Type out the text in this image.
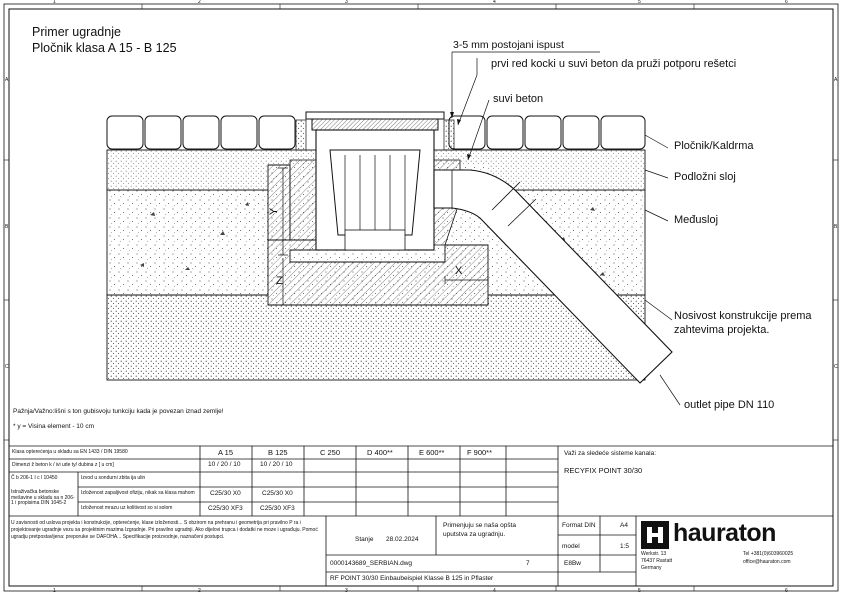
1	2	3	4	5	6
1	2	3	4	5	6
A
B
C
A
B
C
Primer ugradnje
Pločnik klasa A 15 - B 125	3-5 mm postojani ispust
prvi red kocki u suvi beton da pruži potporu rešetci
suvi beton
Pločnik/Kaldrma
Podložni sloj
Međusloj
Nosivost konstrukcije prema
zahtevima projekta.
outlet pipe DN 110
Y
Z
X
Pažnja/Važno:lišni s ton gubisvoju tunkciju kada je povezan iznad zemlje!
* y = Visina element - 10 cm
Klasa opterećenja u skladu sa EN 1433 / DIN 19580	A 15	B 125	C 250	D 400**	E 600**	F 900**
Dimenzi ž beton k / ivi ude ty/ dubina z [ u cm]	10 / 20 / 10	10 / 20 / 10
Č b 206-1 I c l 10450
Istraživačka betonske mešavine u skladu sa n 206-1 i propisima DIN 1045-2
Izvod u sondurni zbita ija ulin
Izloženost zapaljivost ofiziju, nikak sa klasa mahom C25/30 X0	C25/30 X0
Izloženost mrazu uz kolitivost so si solom	C25/30 XF3	C25/30 XF3
Važi za sledeće sisteme kanala:
RECYFIX POINT 30/30
U zavisnosti od uslova projekta i konstrukcije, opterećenje, klase izloženosti... S obzirom na prehranu i geometrija pri pravilno P ra i projektovanje ugradnje vezu sa projektnim mazima Izgradnje. Pri pravilno ugradnji. Ako dijelovi trupca i dodatki ne moze i ugrađuju. Pomoć ugradju pretpostavljena: preporuke se DAFOHA... Specifikacije proizvodnje, naznačeni postupci.	Stanje 28.02.2024
Primenjuju se naša opšta
uputstva za ugradnju.
Format DIN	A4
model	1:5
0000143689_SERBIAN.dwg	7	E8Bw
RF POINT 30/30 Einbaubeispiel Klasse B 125 in Pflaster
hauraton
Werkstr. 13
76437 Rastatt
Germany
Tel +381(0)603960025
office@hauraton.com
